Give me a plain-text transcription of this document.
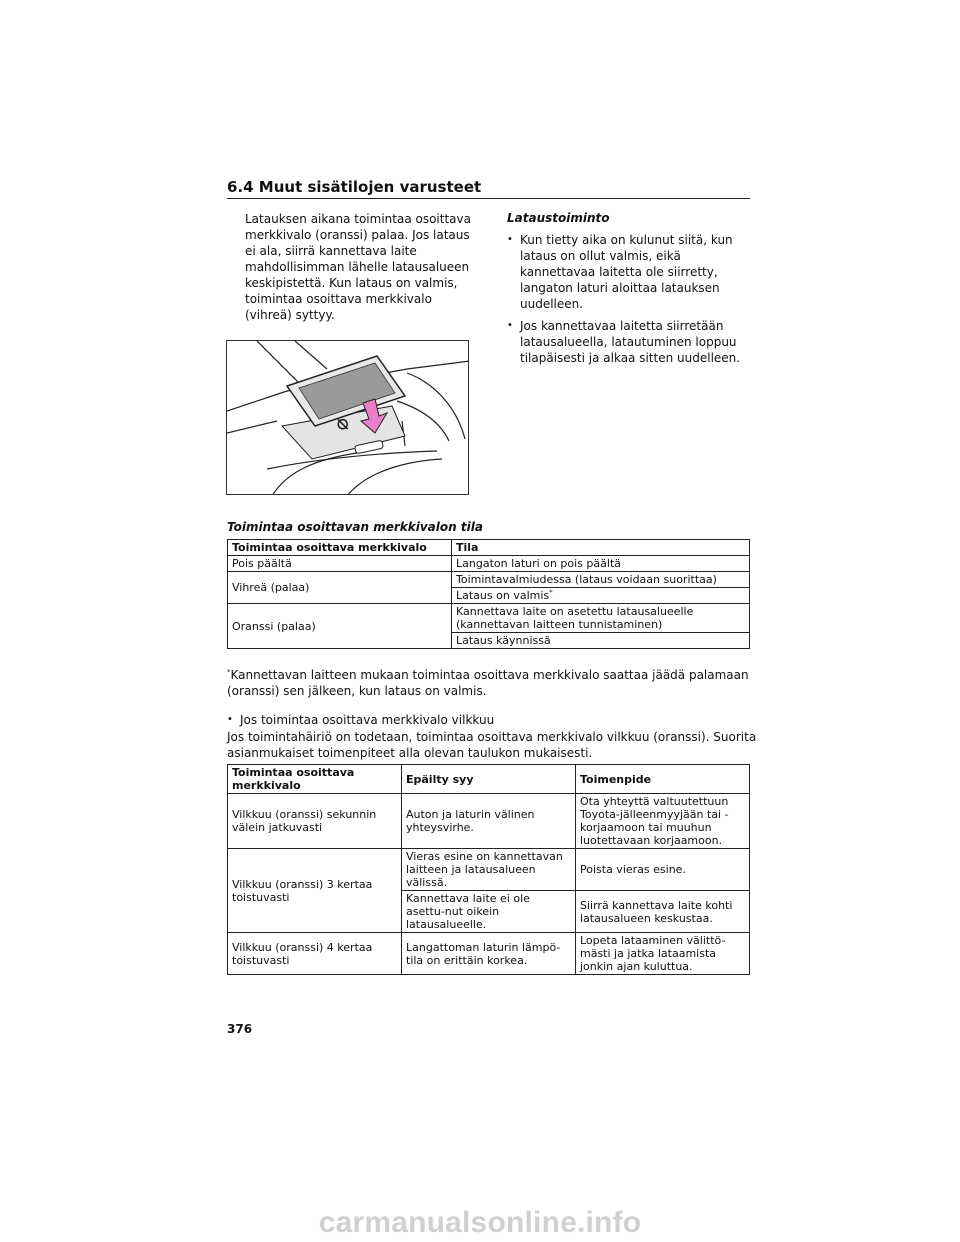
6.4 Muut sisätilojen varusteet
Latauksen aikana toimintaa osoittava merkkivalo (oranssi) palaa. Jos lataus ei ala, siirrä kannettava laite mahdollisimman lähelle latausalueen keskipistettä. Kun lataus on valmis, toimintaa osoittava merkkivalo (vihreä) syttyy.
⦰
Lataustoiminto
• Kun tietty aika on kulunut siitä, kun lataus on ollut valmis, eikä kannettavaa laitetta ole siirretty, langaton laturi aloittaa latauksen uudelleen.
• Jos kannettavaa laitetta siirretään latausalueella, latautuminen loppuu tilapäisesti ja alkaa sitten uudelleen.
Toimintaa osoittavan merkkivalon tila
Toimintaa osoittava merkkivalo	Tila
Pois päältä	Langaton laturi on pois päältä
Vihreä (palaa)	Toimintavalmiudessa (lataus voidaan suorittaa)
	Lataus on valmis*
Oranssi (palaa)	Kannettava laite on asetettu latausalueelle (kannettavan laitteen tunnistaminen)
	Lataus käynnissä
*Kannettavan laitteen mukaan toimintaa osoittava merkkivalo saattaa jäädä palamaan (oranssi) sen jälkeen, kun lataus on valmis.
• Jos toimintaa osoittava merkkivalo vilkkuu
Jos toimintahäiriö on todetaan, toimintaa osoittava merkkivalo vilkkuu (oranssi). Suorita asianmukaiset toimenpiteet alla olevan taulukon mukaisesti.
Toimintaa osoittava merkkivalo	Epäilty syy	Toimenpide
Vilkkuu (oranssi) sekunnin välein jatkuvasti	Auton ja laturin välinen yhteysvirhe.	Ota yhteyttä valtuutettuun Toyota-jälleenmyyjään tai -korjaamoon tai muuhun luotettavaan korjaamoon.
Vilkkuu (oranssi) 3 kertaa toistuvasti	Vieras esine on kannettavan laitteen ja latausalueen välissä.	Poista vieras esine.
	Kannettava laite ei ole asettu-nut oikein latausalueelle.	Siirrä kannettava laite kohti latausalueen keskustaa.
Vilkkuu (oranssi) 4 kertaa toistuvasti	Langattoman laturin lämpö-tila on erittäin korkea.	Lopeta lataaminen välittö-mästi ja jatka lataamista jonkin ajan kuluttua.
376
carmanualsonline.info
